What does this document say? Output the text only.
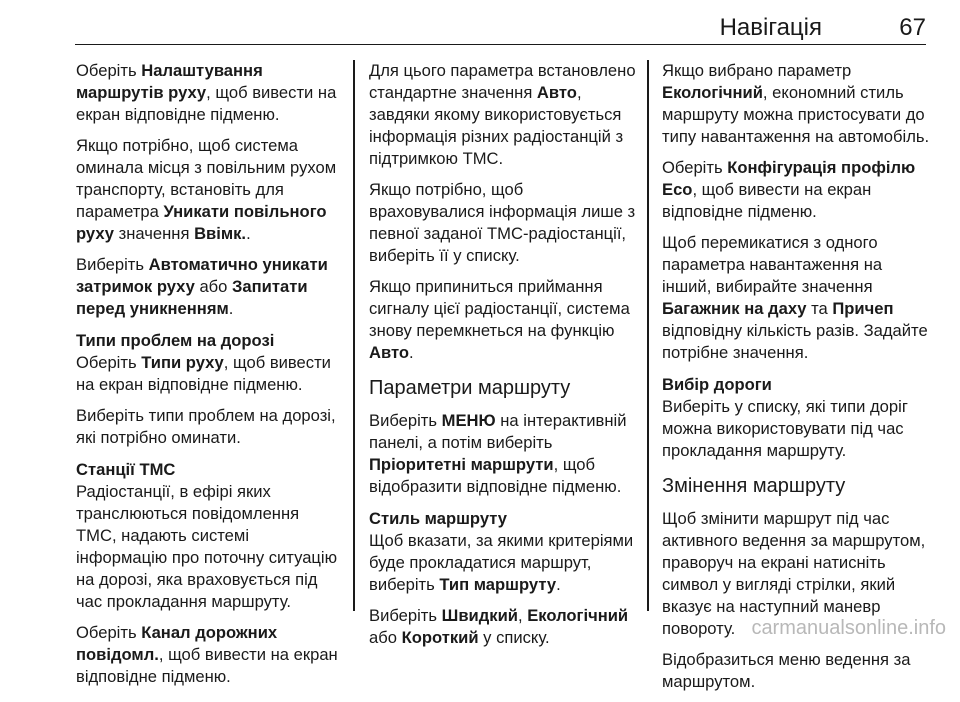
Навігація	67

Оберіть Налаштування маршрутів руху, щоб вивести на екран відповідне підменю.

Якщо потрібно, щоб система оминала місця з повільним рухом транспорту, встановіть для параметра Уникати повільного руху значення Ввімк..

Виберіть Автоматично уникати затримок руху або Запитати перед уникненням.

Типи проблем на дорозі

Оберіть Типи руху, щоб вивести на екран відповідне підменю.

Виберіть типи проблем на дорозі, які потрібно оминати.

Станції TMC

Радіостанції, в ефірі яких транслюються повідомлення TMC, надають системі інформацію про поточну ситуацію на дорозі, яка враховується під час прокладання маршруту.

Оберіть Канал дорожних повідомл., щоб вивести на екран відповідне підменю.

Для цього параметра встановлено стандартне значення Авто, завдяки якому використовується інформація різних радіостанцій з підтримкою TMC.

Якщо потрібно, щоб враховувалися інформація лише з певної заданої TMC-радіостанції, виберіть її у списку.

Якщо припиниться приймання сигналу цієї радіостанції, система знову перемкнеться на функцію Авто.

Параметри маршруту

Виберіть МЕНЮ на інтерактивній панелі, а потім виберіть Пріоритетні маршрути, щоб відобразити відповідне підменю.

Стиль маршруту

Щоб вказати, за якими критеріями буде прокладатися маршрут, виберіть Тип маршруту.

Виберіть Швидкий, Екологічний або Короткий у списку.

Якщо вибрано параметр Екологічний, економний стиль маршруту можна пристосувати до типу навантаження на автомобіль.

Оберіть Конфігурація профілю Eco, щоб вивести на екран відповідне підменю.

Щоб перемикатися з одного параметра навантаження на інший, вибирайте значення Багажник на даху та Причеп відповідну кількість разів. Задайте потрібне значення.

Вибір дороги

Виберіть у списку, які типи доріг можна використовувати під час прокладання маршруту.

Змінення маршруту

Щоб змінити маршрут під час активного ведення за маршрутом, праворуч на екрані натисніть символ у вигляді стрілки, який вказує на наступний маневр повороту.

Відобразиться меню ведення за маршрутом.

carmanualsonline.info
